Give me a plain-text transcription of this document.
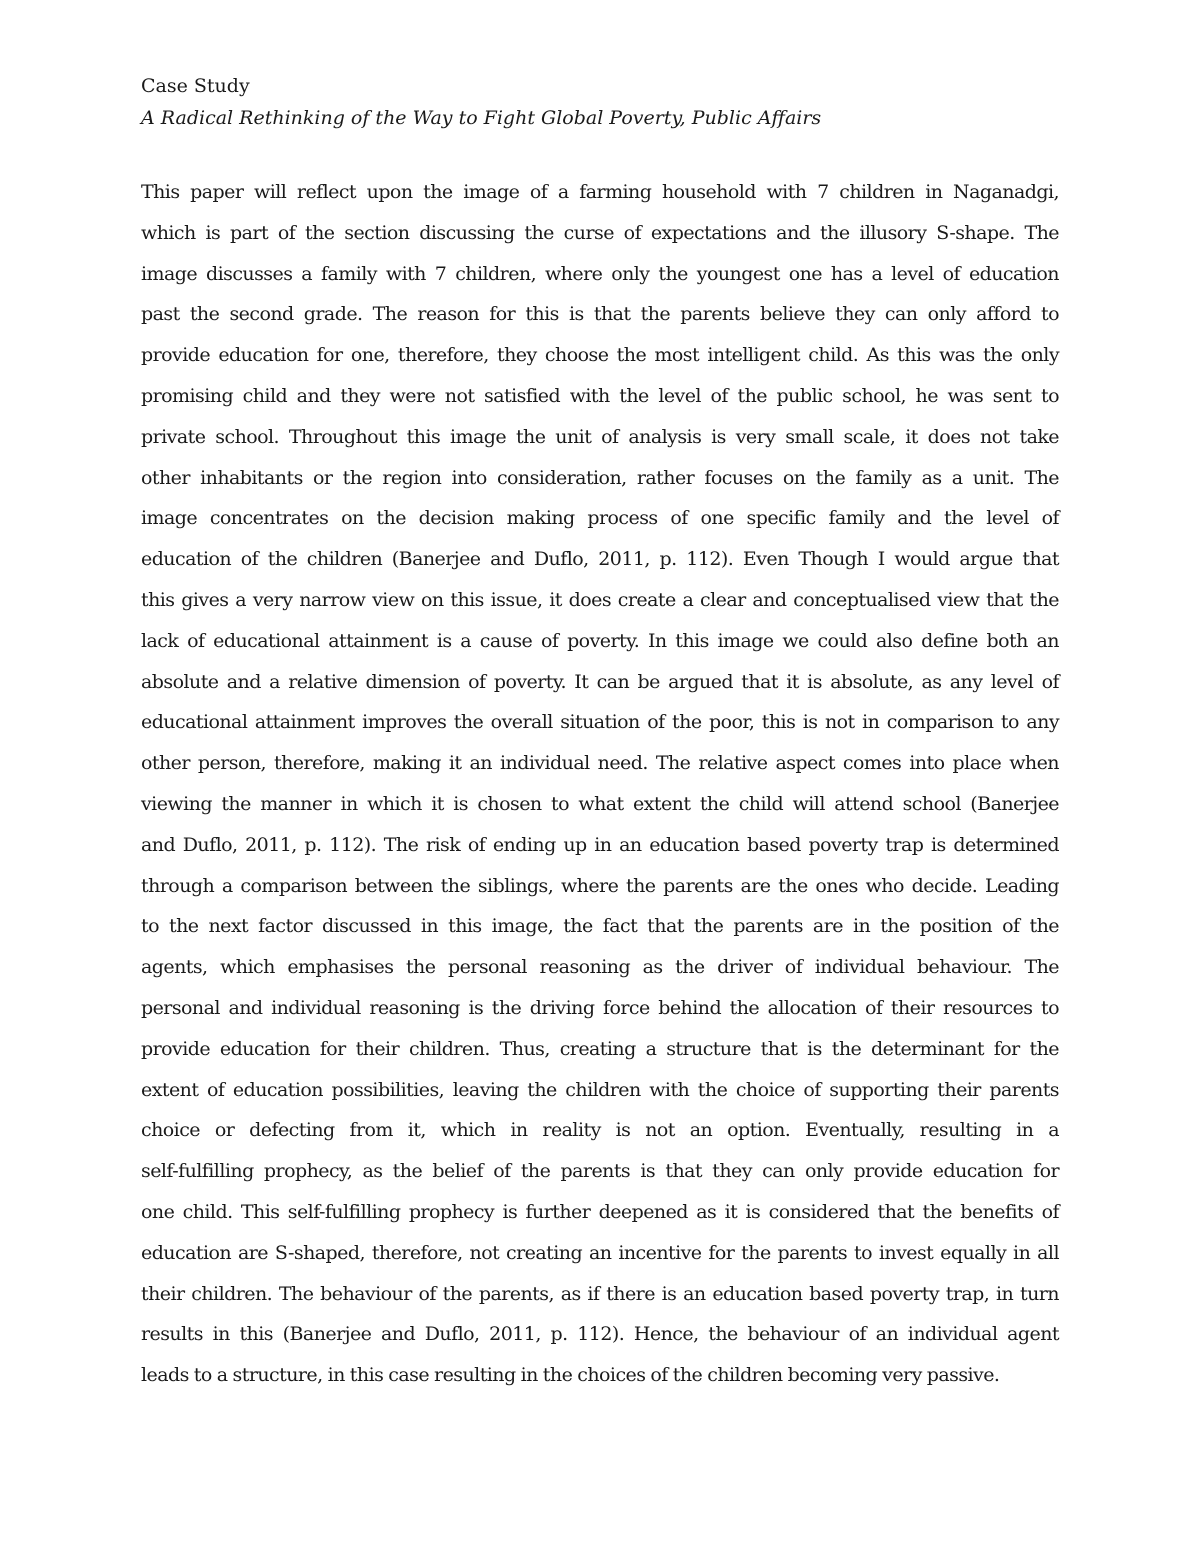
Case Study
A Radical Rethinking of the Way to Fight Global Poverty, Public Affairs
This paper will reflect upon the image of a farming household with 7 children in Naganadgi,
which is part of the section discussing the curse of expectations and the illusory S-shape. The
image discusses a family with 7 children, where only the youngest one has a level of education
past the second grade. The reason for this is that the parents believe they can only afford to
provide education for one, therefore, they choose the most intelligent child. As this was the only
promising child and they were not satisfied with the level of the public school, he was sent to
private school. Throughout this image the unit of analysis is very small scale, it does not take
other inhabitants or the region into consideration, rather focuses on the family as a unit. The
image concentrates on the decision making process of one specific family and the level of
education of the children (Banerjee and Duflo, 2011, p. 112). Even Though I would argue that
this gives a very narrow view on this issue, it does create a clear and conceptualised view that the
lack of educational attainment is a cause of poverty. In this image we could also define both an
absolute and a relative dimension of poverty. It can be argued that it is absolute, as any level of
educational attainment improves the overall situation of the poor, this is not in comparison to any
other person, therefore, making it an individual need. The relative aspect comes into place when
viewing the manner in which it is chosen to what extent the child will attend school (Banerjee
and Duflo, 2011, p. 112). The risk of ending up in an education based poverty trap is determined
through a comparison between the siblings, where the parents are the ones who decide. Leading
to the next factor discussed in this image, the fact that the parents are in the position of the
agents, which emphasises the personal reasoning as the driver of individual behaviour. The
personal and individual reasoning is the driving force behind the allocation of their resources to
provide education for their children. Thus, creating a structure that is the determinant for the
extent of education possibilities, leaving the children with the choice of supporting their parents
choice or defecting from it, which in reality is not an option. Eventually, resulting in a
self-fulfilling prophecy, as the belief of the parents is that they can only provide education for
one child. This self-fulfilling prophecy is further deepened as it is considered that the benefits of
education are S-shaped, therefore, not creating an incentive for the parents to invest equally in all
their children. The behaviour of the parents, as if there is an education based poverty trap, in turn
results in this (Banerjee and Duflo, 2011, p. 112). Hence, the behaviour of an individual agent
leads to a structure, in this case resulting in the choices of the children becoming very passive.
